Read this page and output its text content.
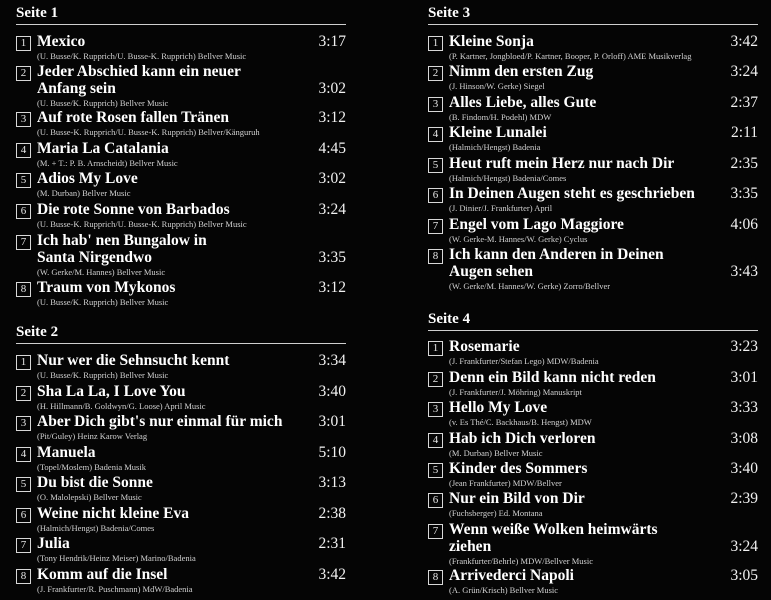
Seite 1
1 Mexico	3:17
(U. Busse/K. Rupprich/U. Busse-K. Rupprich) Bellver Music
2 Jeder Abschied kann ein neuer
Anfang sein	3:02
(U. Busse/K. Rupprich) Bellver Music
3 Auf rote Rosen fallen Tränen	3:12
(U. Busse-K. Rupprich/U. Busse-K. Rupprich) Bellver/Känguruh
4 Maria La Catalania	4:45
(M. + T.: P. B. Arnscheidt) Bellver Music
5 Adios My Love	3:02
(M. Durban) Bellver Music
6 Die rote Sonne von Barbados	3:24
(U. Busse-K. Rupprich/U. Busse-K. Rupprich) Bellver Music
7 Ich hab' nen Bungalow in
Santa Nirgendwo	3:35
(W. Gerke/M. Hannes) Bellver Music
8 Traum von Mykonos	3:12
(U. Busse/K. Rupprich) Bellver Music
Seite 2
1 Nur wer die Sehnsucht kennt	3:34
(U. Busse/K. Rupprich) Bellver Music
2 Sha La La, I Love You	3:40
(H. Hillmann/B. Goldwyn/G. Loose) April Music
3 Aber Dich gibt's nur einmal für mich	3:01
(Pit/Guley) Heinz Karow Verlag
4 Manuela	5:10
(Topel/Moslem) Badenia Musik
5 Du bist die Sonne	3:13
(O. Malolepski) Bellver Music
6 Weine nicht kleine Eva	2:38
(Halmich/Hengst) Badenia/Comes
7 Julia	2:31
(Tony Hendrik/Heinz Meiser) Marino/Badenia
8 Komm auf die Insel	3:42
(J. Frankfurter/R. Puschmann) MdW/Badenia
Seite 3
1 Kleine Sonja	3:42
(P. Kartner, Jongbloed/P. Kartner, Booper, P. Orloff) AME Musikverlag
2 Nimm den ersten Zug	3:24
(J. Hinson/W. Gerke) Siegel
3 Alles Liebe, alles Gute	2:37
(B. Findom/H. Podehl) MDW
4 Kleine Lunalei	2:11
(Halmich/Hengst) Badenia
5 Heut ruft mein Herz nur nach Dir	2:35
(Halmich/Hengst) Badenia/Comes
6 In Deinen Augen steht es geschrieben	3:35
(J. Dinier/J. Frankfurter) April
7 Engel vom Lago Maggiore	4:06
(W. Gerke-M. Hannes/W. Gerke) Cyclus
8 Ich kann den Anderen in Deinen
Augen sehen	3:43
(W. Gerke/M. Hannes/W. Gerke) Zorro/Bellver
Seite 4
1 Rosemarie	3:23
(J. Frankfurter/Stefan Lego) MDW/Badenia
2 Denn ein Bild kann nicht reden	3:01
(J. Frankfurter/J. Möhring) Manuskript
3 Hello My Love	3:33
(v. Es Thé/C. Backhaus/B. Hengst) MDW
4 Hab ich Dich verloren	3:08
(M. Durban) Bellver Music
5 Kinder des Sommers	3:40
(Jean Frankfurter) MDW/Bellver
6 Nur ein Bild von Dir	2:39
(Fuchsberger) Ed. Montana
7 Wenn weiße Wolken heimwärts
ziehen	3:24
(Frankfurter/Behrle) MDW/Bellver Music
8 Arrivederci Napoli	3:05
(A. Grün/Krisch) Bellver Music
